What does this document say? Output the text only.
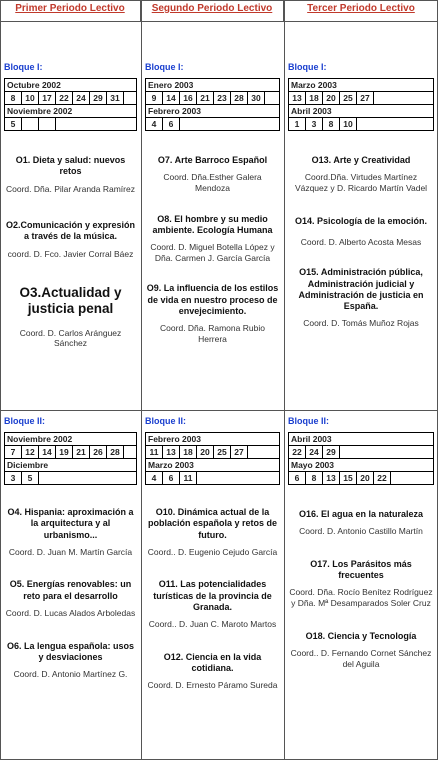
Primer Periodo Lectivo	Segundo Periodo Lectivo	Tercer Periodo Lectivo
Bloque I:
Octubre 2002
8	10 17 22 24 29 31
Noviembre 2002
5
O1. Dieta y salud: nuevos retos
Coord. Dña. Pilar Aranda Ramírez
O2.Comunicación y expresión a través de la música.
coord. D. Fco. Javier Corral Báez
O3.Actualidad y justicia penal
Coord. D. Carlos Aránguez Sánchez
Bloque I:
Enero 2003
9	14 16 21 23 28 30
Febrero 2003
4	6
O7. Arte Barroco Español
Coord. Dña.Esther Galera Mendoza
O8. El hombre y su medio ambiente. Ecología Humana
Coord. D. Miguel Botella López y Dña. Carmen J. García García
O9. La influencia de los estilos de vida en nuestro proceso de envejecimiento.
Coord. Dña. Ramona Rubio Herrera
Bloque I:
Marzo 2003
13 18 20 25 27
Abril 2003
1	3	8	10
O13. Arte y Creatividad
Coord.Dña. Virtudes Martínez Vázquez y D. Ricardo Martín Vadel
O14. Psicología de la emoción.
Coord. D. Alberto Acosta Mesas
O15. Administración pública, Administración judicial y Administración de justicia en España.
Coord. D. Tomás Muñoz Rojas
Bloque II:
Noviembre 2002
7	12 14 19 21 26 28
Diciembre
3	5
O4. Hispania: aproximación a la arquitectura y al urbanismo...
Coord. D. Juan M. Martín García
O5. Energías renovables: un reto para el desarrollo
Coord. D. Lucas Alados Arboledas
O6. La lengua española: usos y desviaciones
Coord. D. Antonio Martínez G.
Bloque II:
Febrero 2003
11 13 18 20 25 27
Marzo 2003
4	6	11
O10. Dinámica actual de la población española y retos de futuro.
Coord.. D. Eugenio Cejudo García
O11. Las potencialidades turísticas de la provincia de Granada.
Coord.. D. Juan C. Maroto Martos
O12. Ciencia en la vida cotidiana.
Coord. D. Ernesto Páramo Sureda
Bloque II:
Abril 2003
22 24 29
Mayo 2003
6	8	13 15 20 22
O16. El agua en la naturaleza
Coord. D. Antonio Castillo Martín
O17. Los Parásitos más frecuentes
Coord. Dña. Rocío Benítez Rodríguez y Dña. Mª Desamparados Soler Cruz
O18. Ciencia y Tecnología
Coord.. D. Fernando Cornet Sánchez del Aguila
